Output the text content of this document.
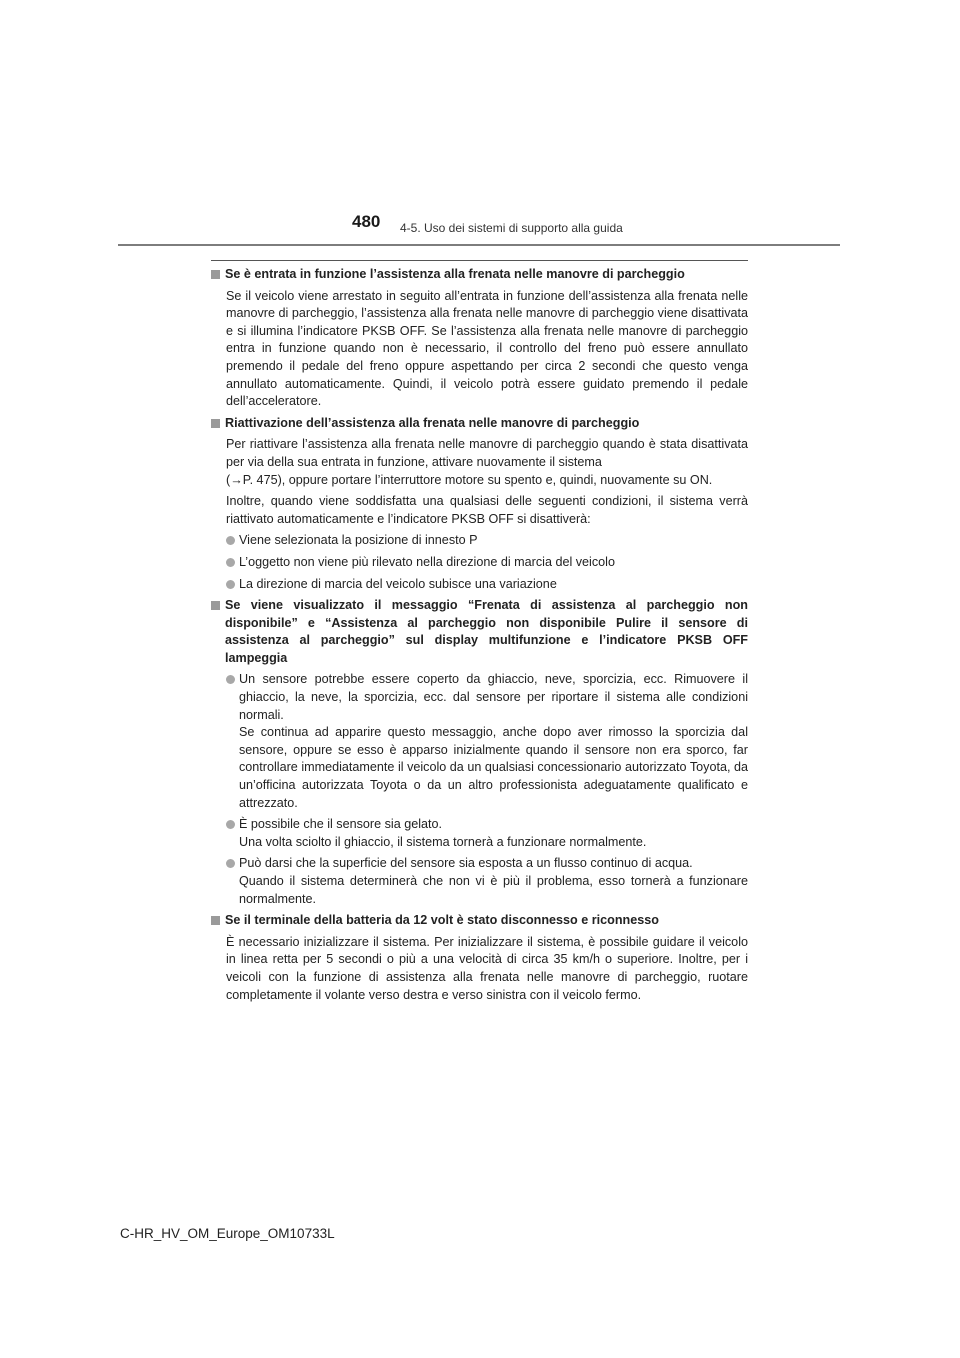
480 4-5. Uso dei sistemi di supporto alla guida
Se è entrata in funzione l’assistenza alla frenata nelle manovre di parcheggio

Se il veicolo viene arrestato in seguito all’entrata in funzione dell’assistenza alla frenata nelle manovre di parcheggio, l’assistenza alla frenata nelle manovre di parcheggio viene disattivata e si illumina l’indicatore PKSB OFF. Se l’assistenza alla frenata nelle manovre di parcheggio entra in funzione quando non è necessario, il controllo del freno può essere annullato premendo il pedale del freno oppure aspettando per circa 2 secondi che questo venga annullato automaticamente. Quindi, il veicolo potrà essere guidato premendo il pedale dell’acceleratore.

Riattivazione dell’assistenza alla frenata nelle manovre di parcheggio

Per riattivare l’assistenza alla frenata nelle manovre di parcheggio quando è stata disattivata per via della sua entrata in funzione, attivare nuovamente il sistema

(→P. 475), oppure portare l’interruttore motore su spento e, quindi, nuovamente su ON.

Inoltre, quando viene soddisfatta una qualsiasi delle seguenti condizioni, il sistema verrà riattivato automaticamente e l’indicatore PKSB OFF si disattiverà:

Viene selezionata la posizione di innesto P
L’oggetto non viene più rilevato nella direzione di marcia del veicolo
La direzione di marcia del veicolo subisce una variazione
Se viene visualizzato il messaggio “Frenata di assistenza al parcheggio non disponibile” e “Assistenza al parcheggio non disponibile Pulire il sensore di assistenza al parcheggio” sul display multifunzione e l’indicatore PKSB OFF lampeggia
Un sensore potrebbe essere coperto da ghiaccio, neve, sporcizia, ecc. Rimuovere il ghiaccio, la neve, la sporcizia, ecc. dal sensore per riportare il sistema alle condizioni normali.
Se continua ad apparire questo messaggio, anche dopo aver rimosso la sporcizia dal sensore, oppure se esso è apparso inizialmente quando il sensore non era sporco, far controllare immediatamente il veicolo da un qualsiasi concessionario autorizzato Toyota, da un’officina autorizzata Toyota o da un altro professionista adeguatamente qualificato e attrezzato.
È possibile che il sensore sia gelato.
Una volta sciolto il ghiaccio, il sistema tornerà a funzionare normalmente.
Può darsi che la superficie del sensore sia esposta a un flusso continuo di acqua.
Quando il sistema determinerà che non vi è più il problema, esso tornerà a funzionare normalmente.
Se il terminale della batteria da 12 volt è stato disconnesso e riconnesso

È necessario inizializzare il sistema. Per inizializzare il sistema, è possibile guidare il veicolo in linea retta per 5 secondi o più a una velocità di circa 35 km/h o superiore. Inoltre, per i veicoli con la funzione di assistenza alla frenata nelle manovre di parcheggio, ruotare completamente il volante verso destra e verso sinistra con il veicolo fermo.

C-HR_HV_OM_Europe_OM10733L
